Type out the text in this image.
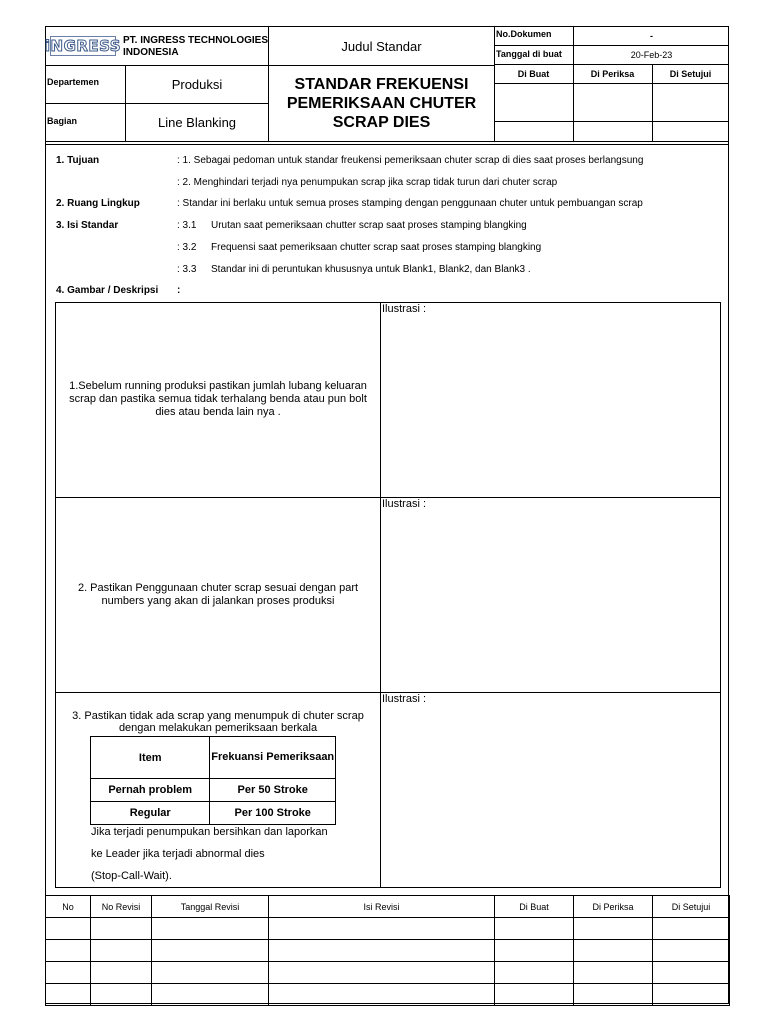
iNGRESS PT. INGRESS TECHNOLOGIES
INDONESIA	Judul Standar
No.Dokumen	-
Tanggal di buat	20-Feb-23
Departemen	Produksi
Bagian	Line Blanking
STANDAR FREKUENSI
PEMERIKSAAN CHUTER
SCRAP DIES
Di Buat	Di Periksa	Di Setujui
1. Tujuan	: 1. Sebagai pedoman untuk standar freukensi pemeriksaan chuter scrap di dies saat proses berlangsung
: 2. Menghindari terjadi nya penumpukan scrap jika scrap tidak turun dari chuter scrap
2. Ruang Lingkup	: Standar ini berlaku untuk semua proses stamping dengan penggunaan chuter untuk pembuangan scrap
3. Isi Standar	: 3.1 Urutan saat pemeriksaan chutter scrap saat proses stamping blangking
: 3.2 Frequensi saat pemeriksaan chutter scrap saat proses stamping blangking
: 3.3 Standar ini di peruntukan khususnya untuk Blank1, Blank2, dan Blank3 .
4. Gambar / Deskripsi :
Ilustrasi :
Ilustrasi :
Ilustrasi :
1.Sebelum running produksi pastikan jumlah lubang keluaran scrap dan pastika semua tidak terhalang benda atau pun bolt dies atau benda lain nya .
2. Pastikan Penggunaan chuter scrap sesuai dengan part numbers yang akan di jalankan proses produksi
3. Pastikan tidak ada scrap yang menumpuk di chuter scrap
dengan melakukan pemeriksaan berkala
Item	Frekuansi Pemeriksaan
Pernah problem	Per 50 Stroke
Regular	Per 100 Stroke
Jika terjadi penumpukan bersihkan dan laporkan
ke Leader jika terjadi abnormal dies
(Stop-Call-Wait).
No	No Revisi	Tanggal Revisi	Isi Revisi	Di Buat	Di Periksa	Di Setujui
